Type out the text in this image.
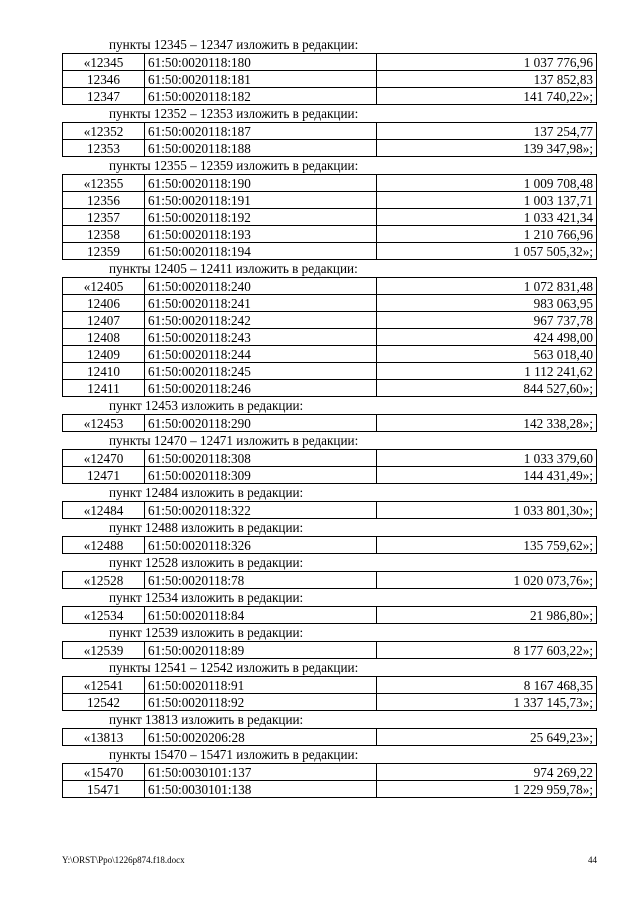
пункты 12345 – 12347 изложить в редакции:
«12345	61:50:0020118:180	1 037 776,96
12346	61:50:0020118:181	137 852,83
12347	61:50:0020118:182	141 740,22»;
пункты 12352 – 12353 изложить в редакции:
«12352	61:50:0020118:187	137 254,77
12353	61:50:0020118:188	139 347,98»;
пункты 12355 – 12359 изложить в редакции:
«12355	61:50:0020118:190	1 009 708,48
12356	61:50:0020118:191	1 003 137,71
12357	61:50:0020118:192	1 033 421,34
12358	61:50:0020118:193	1 210 766,96
12359	61:50:0020118:194	1 057 505,32»;
пункты 12405 – 12411 изложить в редакции:
«12405	61:50:0020118:240	1 072 831,48
12406	61:50:0020118:241	983 063,95
12407	61:50:0020118:242	967 737,78
12408	61:50:0020118:243	424 498,00
12409	61:50:0020118:244	563 018,40
12410	61:50:0020118:245	1 112 241,62
12411	61:50:0020118:246	844 527,60»;
пункт 12453 изложить в редакции:
«12453	61:50:0020118:290	142 338,28»;
пункты 12470 – 12471 изложить в редакции:
«12470	61:50:0020118:308	1 033 379,60
12471	61:50:0020118:309	144 431,49»;
пункт 12484 изложить в редакции:
«12484	61:50:0020118:322	1 033 801,30»;
пункт 12488 изложить в редакции:
«12488	61:50:0020118:326	135 759,62»;
пункт 12528 изложить в редакции:
«12528	61:50:0020118:78	1 020 073,76»;
пункт 12534 изложить в редакции:
«12534	61:50:0020118:84	21 986,80»;
пункт 12539 изложить в редакции:
«12539	61:50:0020118:89	8 177 603,22»;
пункты 12541 – 12542 изложить в редакции:
«12541	61:50:0020118:91	8 167 468,35
12542	61:50:0020118:92	1 337 145,73»;
пункт 13813 изложить в редакции:
«13813	61:50:0020206:28	25 649,23»;
пункты 15470 – 15471 изложить в редакции:
«15470	61:50:0030101:137	974 269,22
15471	61:50:0030101:138	1 229 959,78»;
Y:\ORST\Ppo\1226p874.f18.docx	44
